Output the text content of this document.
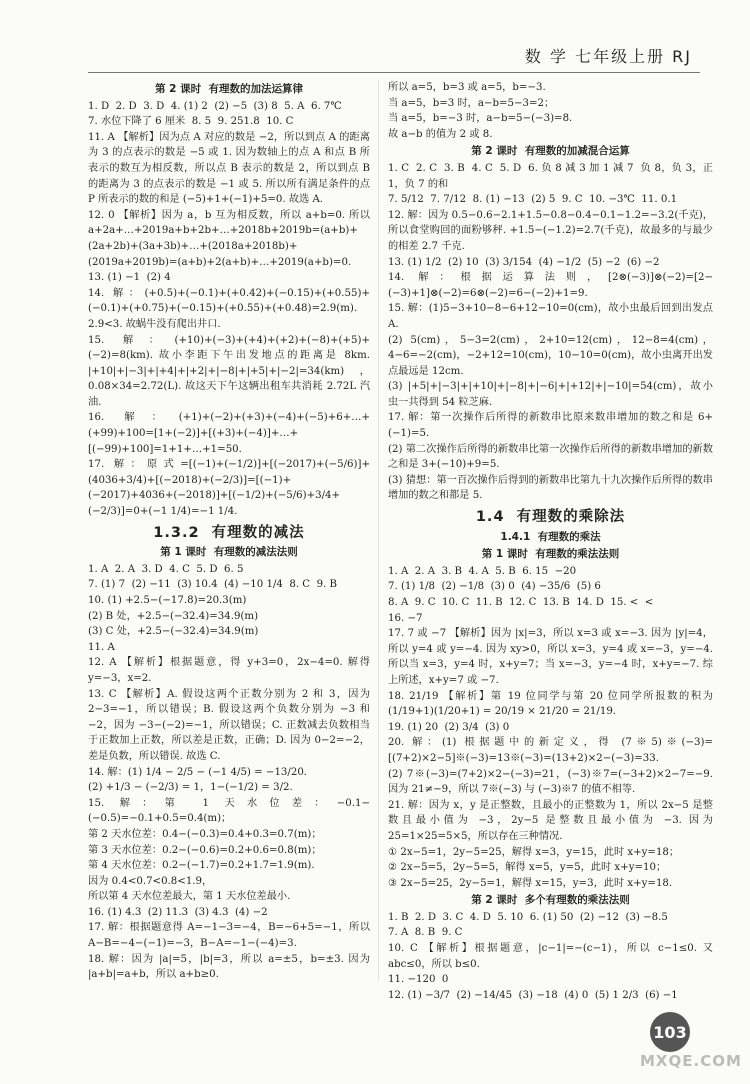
数 学 七年级上册 RJ

第 2 课时  有理数的加法运算律

1. D  2. D  3. D  4. (1) 2  (2) −5  (3) 8  5. A  6. 7℃

7. 水位下降了 6 厘米  8. 5  9. 251.8  10. C

11. A 【解析】因为点 A 对应的数是 −2，所以到点 A 的距离为 3 的点表示的数是 −5 或 1. 因为数轴上的点 A 和点 B 所表示的数互为相反数，所以点 B 表示的数是 2，所以到点 B 的距离为 3 的点表示的数是 −1 或 5. 所以所有满足条件的点 P 所表示的数的和是 (−5)+1+(−1)+5=0. 故选 A.

12. 0 【解析】因为 a，b 互为相反数，所以 a+b=0. 所以 a+2a+…+2019a+b+2b+…+2018b+2019b=(a+b)+(2a+2b)+(3a+3b)+…+(2018a+2018b)+(2019a+2019b)=(a+b)+2(a+b)+…+2019(a+b)=0.

13. (1) −1  (2) 4

14. 解：(+0.5)+(−0.1)+(+0.42)+(−0.15)+(+0.55)+(−0.1)+(+0.75)+(−0.15)+(+0.55)+(+0.48)=2.9(m). 2.9<3. 故蜗牛没有爬出井口.

15. 解：(+10)+(−3)+(+4)+(+2)+(−8)+(+5)+(−2)=8(km). 故小李距下午出发地点的距离是 8km. |+10|+|−3|+|+4|+|+2|+|−8|+|+5|+|−2|=34(km)，0.08×34=2.72(L). 故这天下午这辆出租车共消耗 2.72L 汽油.

16. 解：(+1)+(−2)+(+3)+(−4)+(−5)+6+…+(+99)+100=[1+(−2)]+[(+3)+(−4)]+…+[(−99)+100]=1+1+…+1=50.

17. 解：原式=[(−1)+(−1/2)]+[(−2017)+(−5/6)]+(4036+3/4)+[(−2018)+(−2/3)]=[(−1)+(−2017)+4036+(−2018)]+[(−1/2)+(−5/6)+3/4+(−2/3)]=0+(−1 1/4)=−1 1/4.

1.3.2  有理数的减法

第 1 课时  有理数的减法法则

1. A  2. A  3. D  4. C  5. D  6. 5

7. (1) 7  (2) −11  (3) 10.4  (4) −10 1/4  8. C  9. B

10. (1) +2.5−(−17.8)=20.3(m)
(2) B 处，+2.5−(−32.4)=34.9(m)
(3) C 处，+2.5−(−32.4)=34.9(m)

11. A

12. A 【解析】根据题意，得 y+3=0，2x−4=0. 解得 y=−3，x=2.

13. C 【解析】A. 假设这两个正数分别为 2 和 3，因为 2−3=−1，所以错误；B. 假设这两个负数分别为 −3 和 −2，因为 −3−(−2)=−1，所以错误；C. 正数减去负数相当于正数加上正数，所以差是正数，正确；D. 因为 0−2=−2，差是负数，所以错误. 故选 C.

14. 解：(1) 1/4 − 2/5 − (−1 4/5) = −13/20.
(2) +1/3 − (−2/3) = 1，1−(−1/2) = 3/2.

15. 解：第 1 天水位差：−0.1−(−0.5)=−0.1+0.5=0.4(m)；
第 2 天水位差：0.4−(−0.3)=0.4+0.3=0.7(m)；
第 3 天水位差：0.2−(−0.6)=0.2+0.6=0.8(m)；
第 4 天水位差：0.2−(−1.7)=0.2+1.7=1.9(m).
因为 0.4<0.7<0.8<1.9，
所以第 4 天水位差最大，第 1 天水位差最小.

16. (1) 4.3  (2) 11.3  (3) 4.3  (4) −2

17. 解：根据题意得 A=−1−3=−4，B=−6+5=−1，所以 A−B=−4−(−1)=−3，B−A=−1−(−4)=3.

18. 解：因为 |a|=5，|b|=3，所以 a=±5，b=±3. 因为 |a+b|=a+b，所以 a+b≥0.

所以 a=5，b=3 或 a=5，b=−3.
当 a=5，b=3 时，a−b=5−3=2；
当 a=5，b=−3 时，a−b=5−(−3)=8.
故 a−b 的值为 2 或 8.

第 2 课时  有理数的加减混合运算

1. C  2. C  3. B  4. C  5. D  6. 负 8 减 3 加 1 减 7  负 8，负 3，正 1，负 7 的和

7. 5/12  7. 7/12  8. (1) −13  (2) 5  9. C  10. −3℃  11. 0.1

12. 解：因为 0.5−0.6−2.1+1.5−0.8−0.4−0.1−1.2=−3.2(千克)，所以食堂购回的面粉够秤. +1.5−(−1.2)=2.7(千克)，故最多的与最少的相差 2.7 千克.

13. (1) 1/2  (2) 10  (3) 3/154  (4) −1/2  (5) −2  (6) −2

14. 解：根据运算法则，[2⊗(−3)]⊗(−2)=[2−(−3)+1]⊗(−2)=6⊗(−2)=6−(−2)+1=9.

15. 解：(1)5−3+10−8−6+12−10=0(cm)，故小虫最后回到出发点 A.
(2) 5(cm)，5−3=2(cm)，2+10=12(cm)，12−8=4(cm)，4−6=−2(cm)，−2+12=10(cm)，10−10=0(cm)，故小虫离开出发点最远是 12cm.
(3) |+5|+|−3|+|+10|+|−8|+|−6|+|+12|+|−10|=54(cm)，故小虫一共得到 54 粒芝麻.

17. 解：第一次操作后所得的新数串比原来数串增加的数之和是 6+(−1)=5.
(2) 第二次操作后所得的新数串比第一次操作后所得的新数串增加的新数之和是 3+(−10)+9=5.
(3) 猜想：第一百次操作后得到的新数串比第九十九次操作后所得的数串增加的数之和都是 5.

1.4  有理数的乘除法

1.4.1  有理数的乘法

第 1 课时  有理数的乘法法则

1. A  2. A  3. B  4. A  5. B  6. 15  −20

7. (1) 1/8  (2) −1/8  (3) 0  (4) −35/6  (5) 6

8. A  9. C  10. C  11. B  12. C  13. B  14. D  15. <  <

16. −7

17. 7 或 −7 【解析】因为 |x|=3，所以 x=3 或 x=−3. 因为 |y|=4，所以 y=4 或 y=−4. 因为 xy>0，所以 x=3，y=4 或 x=−3，y=−4. 所以当 x=3，y=4 时，x+y=7；当 x=−3，y=−4 时，x+y=−7. 综上所述，x+y=7 或 −7.

18. 21/19 【解析】第 19 位同学与第 20 位同学所报数的积为 (1/19+1)(1/20+1) = 20/19 × 21/20 = 21/19.

19. (1) 20  (2) 3/4  (3) 0

20. 解：(1) 根据题中的新定义，得 (7※5)※(−3)=[(7+2)×2−5]※(−3)=13※(−3)=(13+2)×2−(−3)=33.
(2) 7※(−3)=(7+2)×2−(−3)=21，(−3)※7=(−3+2)×2−7=−9. 因为 21≠−9，所以 7※(−3) 与 (−3)※7 的值不相等.

21. 解：因为 x，y 是正整数，且最小的正整数为 1，所以 2x−5 是整数且最小值为 −3，2y−5 是整数且最小值为 −3. 因为 25=1×25=5×5，所以存在三种情况.
① 2x−5=1，2y−5=25，解得 x=3，y=15，此时 x+y=18；
② 2x−5=5，2y−5=5，解得 x=5，y=5，此时 x+y=10；
③ 2x−5=25，2y−5=1，解得 x=15，y=3，此时 x+y=18.

第 2 课时  多个有理数的乘法法则

1. B  2. D  3. C  4. D  5. 10  6. (1) 50  (2) −12  (3) −8.5

7. A  8. B  9. C

10. C 【解析】根据题意，|c−1|=−(c−1)，所以 c−1≤0. 又 abc≤0，所以 b≤0.

11. −120  0

12. (1) −3/7  (2) −14/45  (3) −18  (4) 0  (5) 1 2/3  (6) −1

103
MXQE.COM
